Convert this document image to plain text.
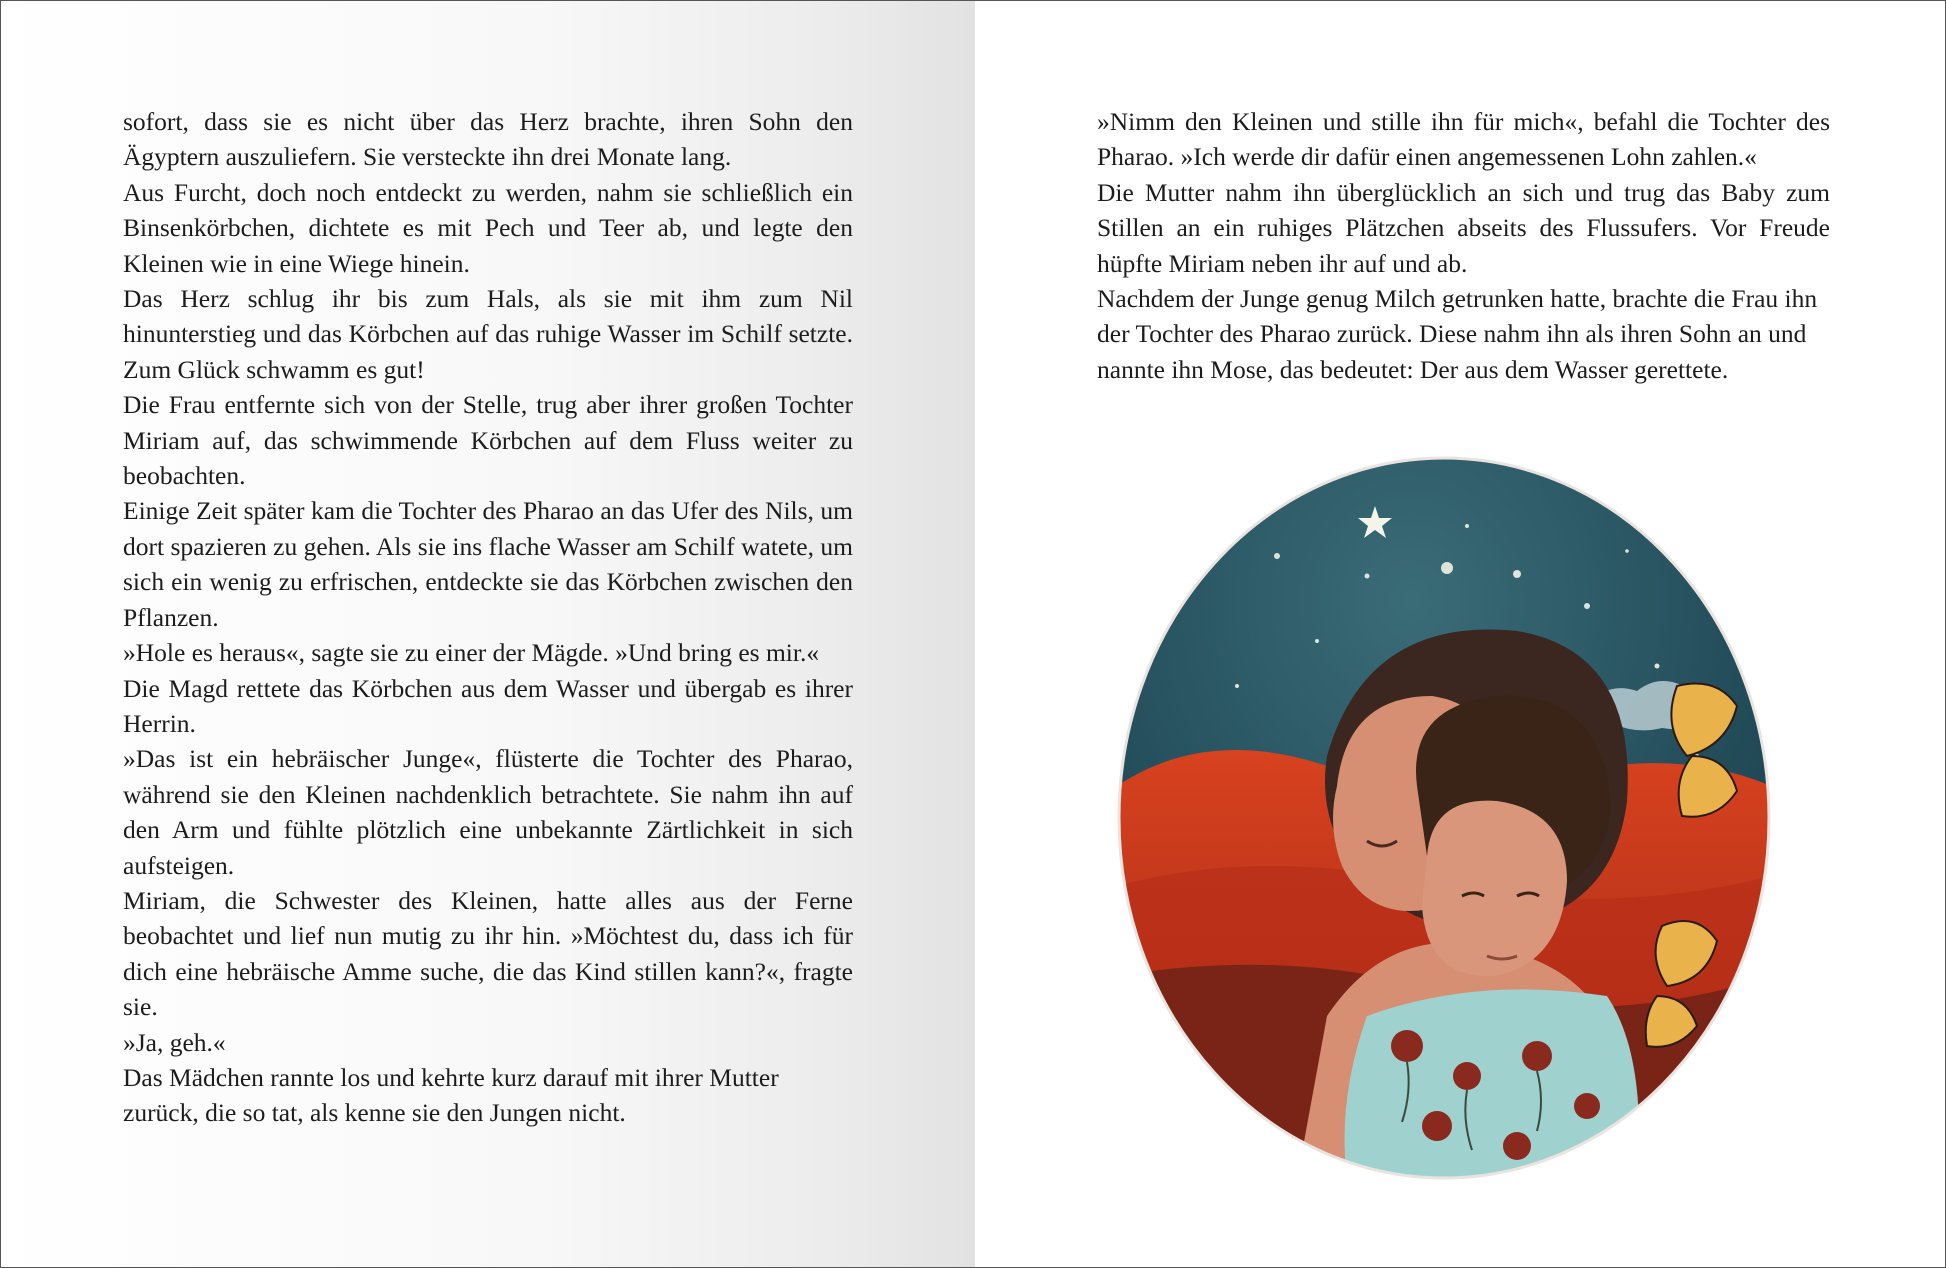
sofort, dass sie es nicht über das Herz brachte, ihren Sohn den Ägyptern auszuliefern. Sie versteckte ihn drei Monate lang.

Aus Furcht, doch noch entdeckt zu werden, nahm sie schließlich ein Binsenkörbchen, dichtete es mit Pech und Teer ab, und legte den Kleinen wie in eine Wiege hinein.

Das Herz schlug ihr bis zum Hals, als sie mit ihm zum Nil hinunterstieg und das Körbchen auf das ruhige Wasser im Schilf setzte. Zum Glück schwamm es gut!

Die Frau entfernte sich von der Stelle, trug aber ihrer großen Tochter Miriam auf, das schwimmende Körbchen auf dem Fluss weiter zu beobachten.

Einige Zeit später kam die Tochter des Pharao an das Ufer des Nils, um dort spazieren zu gehen. Als sie ins flache Wasser am Schilf watete, um sich ein wenig zu erfrischen, entdeckte sie das Körbchen zwischen den Pflanzen.

»Hole es heraus«, sagte sie zu einer der Mägde. »Und bring es mir.«

Die Magd rettete das Körbchen aus dem Wasser und übergab es ihrer Herrin.

»Das ist ein hebräischer Junge«, flüsterte die Tochter des Pharao, während sie den Kleinen nachdenklich betrachtete. Sie nahm ihn auf den Arm und fühlte plötzlich eine unbekannte Zärtlichkeit in sich aufsteigen.

Miriam, die Schwester des Kleinen, hatte alles aus der Ferne beobachtet und lief nun mutig zu ihr hin. »Möchtest du, dass ich für dich eine hebräische Amme suche, die das Kind stillen kann?«, fragte sie.

»Ja, geh.«

Das Mädchen rannte los und kehrte kurz darauf mit ihrer Mutter zurück, die so tat, als kenne sie den Jungen nicht.

»Nimm den Kleinen und stille ihn für mich«, befahl die Tochter des Pharao. »Ich werde dir dafür einen angemessenen Lohn zahlen.«

Die Mutter nahm ihn überglücklich an sich und trug das Baby zum Stillen an ein ruhiges Plätzchen abseits des Flussufers. Vor Freude hüpfte Miriam neben ihr auf und ab.

Nachdem der Junge genug Milch getrunken hatte, brachte die Frau ihn der Tochter des Pharao zurück. Diese nahm ihn als ihren Sohn an und nannte ihn Mose, das bedeutet: Der aus dem Wasser gerettete.
